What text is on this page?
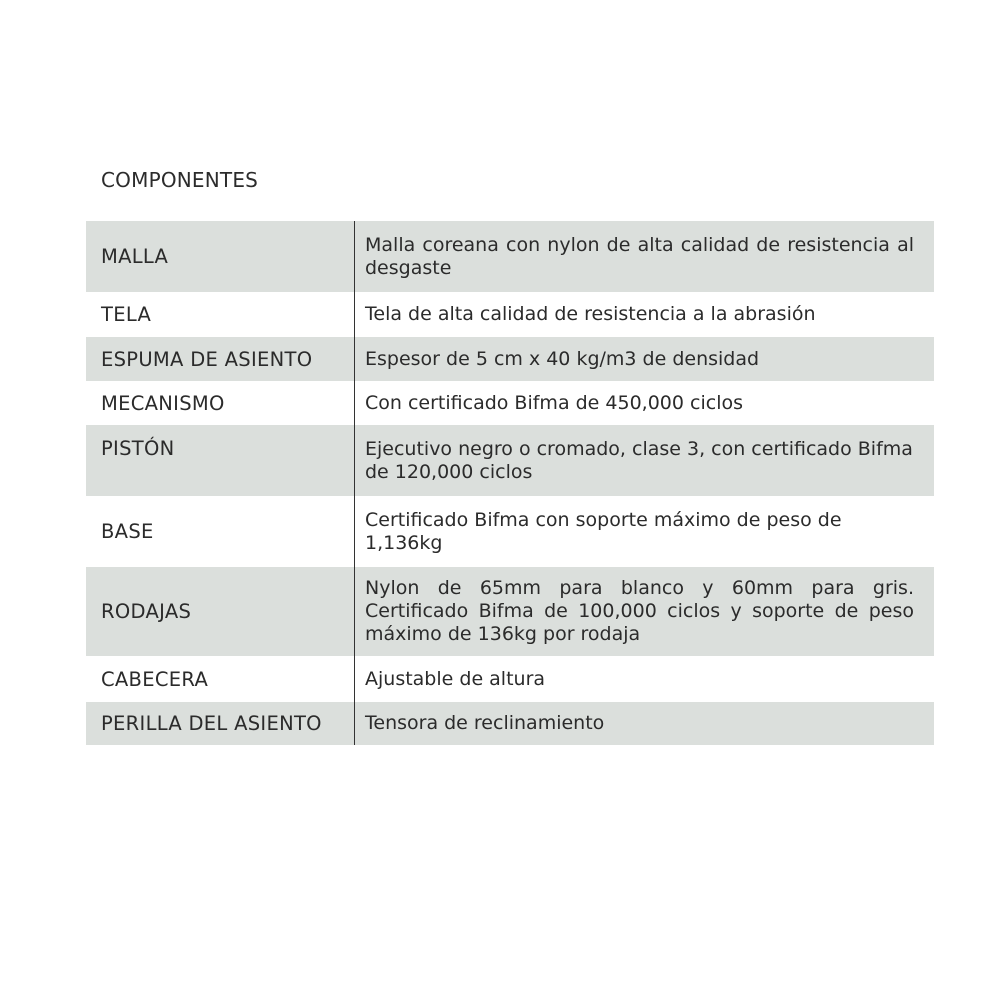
COMPONENTES
MALLA	Malla coreana con nylon de alta calidad de resistencia al desgaste
TELA	Tela de alta calidad de resistencia a la abrasión
ESPUMA DE ASIENTO	Espesor de 5 cm x 40 kg/m3 de densidad
MECANISMO	Con certificado Bifma de 450,000 ciclos

PISTÓN	Ejecutivo negro o cromado, clase 3, con certificado Bifma de 120,000 ciclos
BASE	Certificado Bifma con soporte máximo de peso de 1,136kg
RODAJAS	Nylon de 65mm para blanco y 60mm para gris. Certificado Bifma de 100,000 ciclos y soporte de peso máximo de 136kg por rodaja
CABECERA	Ajustable de altura
PERILLA DEL ASIENTO	Tensora de reclinamiento
